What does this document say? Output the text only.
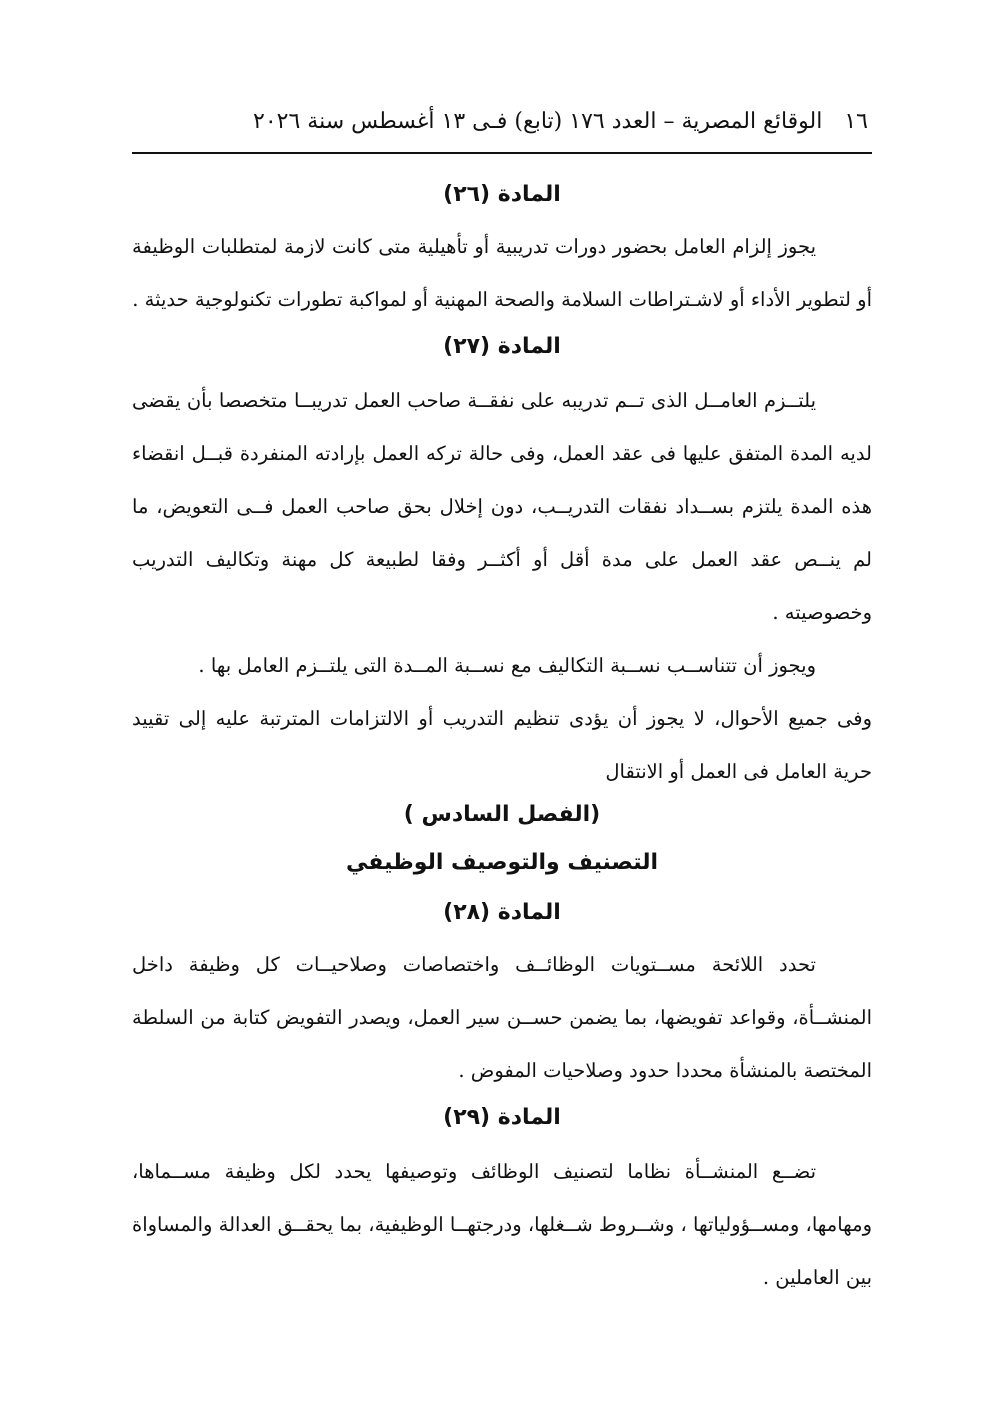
١٦
الوقائع المصرية – العدد ١٧٦ (تابع) فـى ١٣ أغسطس سنة ٢٠٢٦
المادة (٢٦)

يجوز إلزام العامل بحضور دورات تدريبية أو تأهيلية متى كانت لازمة لمتطلبات الوظيفة أو لتطوير الأداء أو لاشـتراطات السلامة والصحة المهنية أو لمواكبة تطورات تكنولوجية حديثة .

المادة (٢٧)

يلتــزم العامــل الذى تــم تدريبه على نفقــة صاحب العمل تدريبــا متخصصا بأن يقضى لديه المدة المتفق عليها فى عقد العمل، وفى حالة تركه العمل بإرادته المنفردة قبــل انقضاء هذه المدة يلتزم بســداد نفقات التدريــب، دون إخلال بحق صاحب العمل فــى التعويض، ما لم ينــص عقد العمل على مدة أقل أو أكثــر وفقا لطبيعة كل مهنة وتكاليف التدريب وخصوصيته .

ويجوز أن تتناســب نســبة التكاليف مع نســبة المــدة التى يلتــزم العامل بها .

وفى جميع الأحوال، لا يجوز أن يؤدى تنظيم التدريب أو الالتزامات المترتبة عليه إلى تقييد حرية العامل فى العمل أو الانتقال

(الفصل السادس )
التصنيف والتوصيف الوظيفي
المادة (٢٨)

تحدد اللائحة مســتويات الوظائــف واختصاصات وصلاحيــات كل وظيفة داخل المنشــأة، وقواعد تفويضها، بما يضمن حســن سير العمل، ويصدر التفويض كتابة من السلطة المختصة بالمنشأة محددا حدود وصلاحيات المفوض .

المادة (٢٩)

تضــع المنشــأة نظاما لتصنيف الوظائف وتوصيفها يحدد لكل وظيفة مســماها، ومهامها، ومســؤولياتها ، وشــروط شــغلها، ودرجتهــا الوظيفية، بما يحقــق العدالة والمساواة بين العاملين .
